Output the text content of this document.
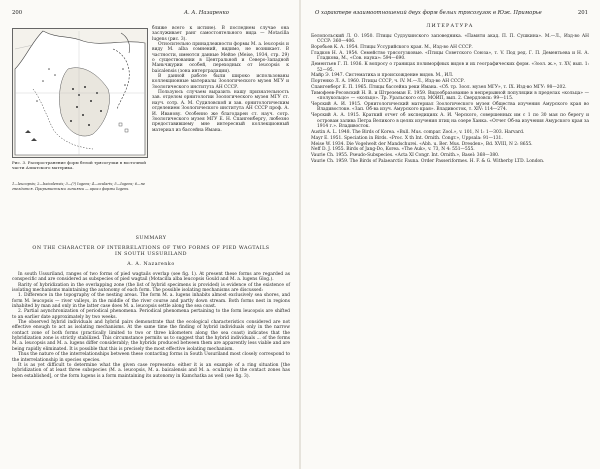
200	А. А. Назаренко
Рис. 3. Распространение форм белой трясогузки в восточной части Азиатского материка.
1—leucopsis; 2—baicalensis; 3—(?) lugens; 4—ocularis; 5—lugens; 6—не гнездится. Прерывистыми линиями — ареал формы lugens.

ближе всего к истине). В последнем случае она заслуживает ранг самостоятельного вида — Motacilla lugens (рис. 3).

Относительно принадлежности формы M. a. leucopsis и виду M. alba сомнений, видимо, не возникает. В частности, имеются данные Мейзе (Meise, 1934, стр. 29) о существовании в Центральной и Северо-Западной Маньчжурии особей, переходных от leucopsis к baicalensis (зона интерградации).

В данной работе были широко использованы коллекционные материалы Зоологического музея МГУ и Зоологического института АН СССР.

Пользуюсь случаем выразить нашу признательность зав. отделом орнитологии Зоологического музея МГУ ст. науч. сотр. А. М. Судиловской и зав. орнитологическим отделением Зоологического института АН СССР проф. А. И. Иванову. Особенно же благодарен ст. науч. сотр. Зоологического музея МГУ Е. Н. Спангенбергу, любезно предоставившему мне интересный коллекционный материал из бассейна Имана.

SUMMARY
ON THE CHARACTER OF INTERRELATIONS OF TWO FORMS OF PIED WAGTAILS IN SOUTH USSURILAND
A. A. Nazarenko

In south Ussuriland, ranges of two forms of pied wagtails overlap (see fig. 1). At present these forms are regarded as conspecific and are considered as subspecies of pied wagtail (Motacilla alba leucopsis Gould and M. a. lugens Glog.).

Rarity of hybridization in the overlapping zone (the list of hybrid specimens is provided) is evidence of the existence of isolating mechanisms maintaining the autonomy of each form. The possible isolating mechanisms are discussed:

1. Difference in the topography of the nesting areas. The form M. a. lugens inhabits almost exclusively sea shores, and form M. leucopsis — river valleys, in the middle of the river course and partly down stream. Both forms nest in regions inhabited by man and only in the latter case does M. a. leucopsis settle along the sea coast.

2. Partial asynchronization of periodical phenomena. Periodical phenomena pertaining to the form leucopsis are shifted to an earlier date approximately by two weeks.

The observed hybrid individuals and hybrid pairs demonstrate that the ecological characteristics considered are not effective enough to act as isolating mechanisms. At the same time the finding of hybrid individuals only in the narrow contact zone of both forms (practically limited to two or three kilometers along the sea coast) indicates that the hybridization zone is strictly stabilized. This circumstance permits us to suggest that the hybrid individuals ... of the forms M. a. leucopsis and M. a. lugens differ considerably; the hybrids produced between them are apparently less viable and are being rapidly eliminated. It is possible that this is precisely the most effective isolating mechanism.

Thus the nature of the interrelationships between these contacting forms in South Ussuriland most closely correspond to the interrelationship in species species.

It is as yet difficult to determine what the given case represents: either it is an example of a ring situation [the hybridization of at least three subspecies (M. a. leucopsis, M. a. baicalensis and M. a. ocularis) in the contact zones has been established], or the form lugens is a form maintaining its autonomy in Kamchatka as well (see fig. 3).

О характере взаимоотношений двух форм белых трясогузок в Юж. Приморье	201
ЛИТЕРАТУРА

Белопольский Л. О. 1950. Птицы Судзухинского заповедника. «Памяти акад. П. П. Сушкина». М.—Л., Изд-во АН СССР: 360—406.

Воробьев К. А. 1954. Птицы Уссурийского края. М., Изд-во АН СССР.

Гладков Н. А. 1954. Семейство трясогузковые. «Птицы Советского Союза», т. V. Под ред. Г. П. Дементьева и Н. А. Гладкова, М., «Сов. наука»: 594—690.

Дементьев Г. П. 1936. К вопросу о границах полиморфных видов и их географических форм. «Зоол. ж.», т. XV, вып. 1: 52—95.

Майр Э. 1947. Систематика и происхождение видов. М., ИЛ.

Портенко Л. А. 1960. Птицы СССР, ч. IV. М.—Л., Изд-во АН СССР.

Спангенберг Е. П. 1965. Птицы бассейна реки Имана. «Сб. тр. Зоол. музея МГУ», т. IX. Изд-во МГУ: 98—202.

Тимофеев-Ресовский Н. В. и Штреземан Е. 1959. Видообразование в непрерывной популяции в пределах «кольца» — «полукольцо» — «кольцо». Тр. Уральского отд. МОИП, вып. 2. Свердловск: 99—115.

Черский А. И. 1915. Орнитологический материал Зоологического музея Общества изучения Амурского края во Владивостоке. «Зап. Об-ва изуч. Амурского края». Владивосток, т. XIV: 114—274.

Черский А. А. 1915. Краткий отчет об экспедициях А. И. Черского, совершенных им с 1 по 30 мая по берегу и островам залива Петра Великого в целях изучения птиц на озере Ханка. «Отчет Об-ва изучения Амурского края за 1914 г.». Владивосток.

Austin A. L. 1948. The Birds of Korea. «Bull. Mus. compar. Zool.», v. 101, N 1: 1—303. Harvard.

Mayr E. 1951. Speciation in Birds. «Proc. X th Int. Ornith. Congr.», Uppsala: 91—131.

Meise W. 1934. Die Vogelwelt der Mandschurei. «Abh. u. Ber. Mus. Dresden», Bd. XVIII, N 2: 8655.

Neff D. J. 1955. Birds of Jang-Do, Korea. «The Auk», v. 73, N 4: 551—555.

Vaurie Ch. 1955. Pseudo-Subspecies. «Acta XI Congr. Int. Ornith.», Basel: 368—380.

Vaurie Ch. 1959. The Birds of Palaearctic Fauna. Order Passeriformes. H. F. & G. Witherby LTD. London.
